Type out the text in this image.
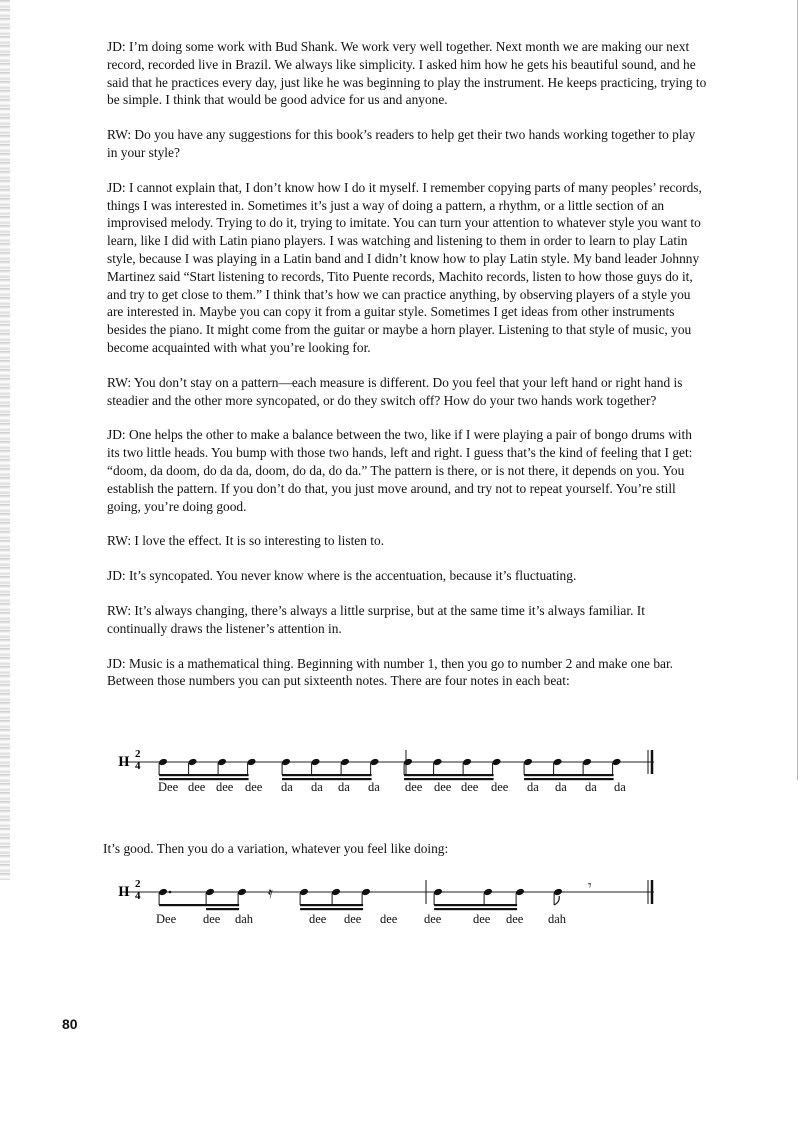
JD: I’m doing some work with Bud Shank. We work very well together. Next month we are making our next record, recorded live in Brazil. We always like simplicity. I asked him how he gets his beautiful sound, and he said that he practices every day, just like he was beginning to play the instrument. He keeps practicing, trying to be simple. I think that would be good advice for us and anyone.

RW: Do you have any suggestions for this book’s readers to help get their two hands working together to play in your style?

JD: I cannot explain that, I don’t know how I do it myself. I remember copying parts of many peoples’ records, things I was interested in. Sometimes it’s just a way of doing a pattern, a rhythm, or a little section of an improvised melody. Trying to do it, trying to imitate. You can turn your attention to whatever style you want to learn, like I did with Latin piano players. I was watching and listening to them in order to learn to play Latin style, because I was playing in a Latin band and I didn’t know how to play Latin style. My band leader Johnny Martinez said “Start listening to records, Tito Puente records, Machito records, listen to how those guys do it, and try to get close to them.” I think that’s how we can practice anything, by observing players of a style you are interested in. Maybe you can copy it from a guitar style. Sometimes I get ideas from other instruments besides the piano. It might come from the guitar or maybe a horn player. Listening to that style of music, you become acquainted with what you’re looking for.

RW: You don’t stay on a pattern—each measure is different. Do you feel that your left hand or right hand is steadier and the other more syncopated, or do they switch off? How do your two hands work together?

JD: One helps the other to make a balance between the two, like if I were playing a pair of bongo drums with its two little heads. You bump with those two hands, left and right. I guess that’s the kind of feeling that I get: “doom, da doom, do da da, doom, do da, do da.” The pattern is there, or is not there, it depends on you. You establish the pattern. If you don’t do that, you just move around, and try not to repeat yourself. You’re still going, you’re doing good.

RW: I love the effect. It is so interesting to listen to.

JD: It’s syncopated. You never know where is the accentuation, because it’s fluctuating.

RW: It’s always changing, there’s always a little surprise, but at the same time it’s always familiar. It continually draws the listener’s attention in.

JD: Music is a mathematical thing. Beginning with number 1, then you go to number 2 and make one bar. Between those numbers you can put sixteenth notes. There are four notes in each beat:

II 2
4
Dee dee dee dee da da da da dee dee dee dee da da da da

It’s good. Then you do a variation, whatever you feel like doing:

II 2
4	𝄿	𝄾
Dee dee dah	dee dee dee dee	dee dee dah
80
